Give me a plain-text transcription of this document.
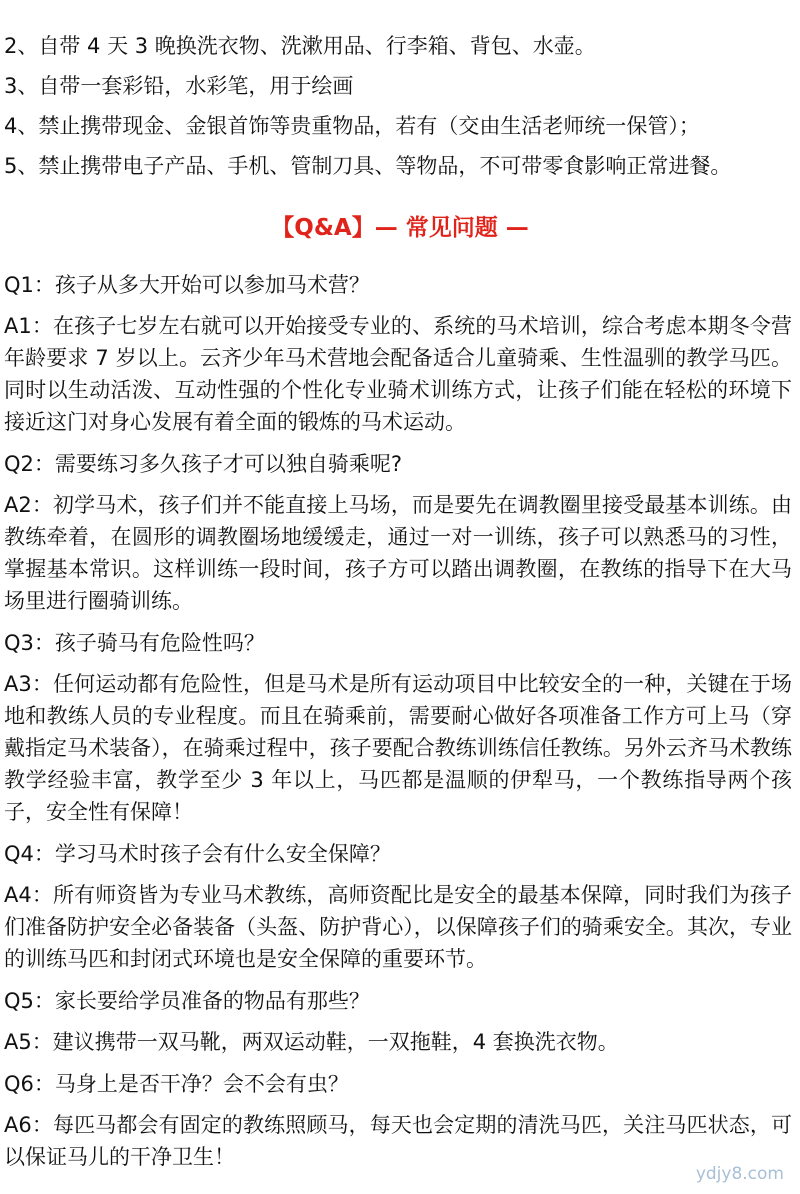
2、自带 4 天 3 晚换洗衣物、洗漱用品、行李箱、背包、水壶。

3、自带一套彩铅，水彩笔，用于绘画

4、禁止携带现金、金银首饰等贵重物品，若有（交由生活老师统一保管）；

5、禁止携带电子产品、手机、管制刀具、等物品，不可带零食影响正常进餐。

【Q&A】— 常见问题 —

Q1：孩子从多大开始可以参加马术营？

A1：在孩子七岁左右就可以开始接受专业的、系统的马术培训，综合考虑本期冬令营年龄要求 7 岁以上。云齐少年马术营地会配备适合儿童骑乘、生性温驯的教学马匹。同时以生动活泼、互动性强的个性化专业骑术训练方式，让孩子们能在轻松的环境下接近这门对身心发展有着全面的锻炼的马术运动。

Q2：需要练习多久孩子才可以独自骑乘呢?

A2：初学马术，孩子们并不能直接上马场，而是要先在调教圈里接受最基本训练。由教练牵着，在圆形的调教圈场地缓缓走，通过一对一训练，孩子可以熟悉马的习性，掌握基本常识。这样训练一段时间，孩子方可以踏出调教圈，在教练的指导下在大马场里进行圈骑训练。

Q3：孩子骑马有危险性吗？

A3：任何运动都有危险性，但是马术是所有运动项目中比较安全的一种，关键在于场地和教练人员的专业程度。而且在骑乘前，需要耐心做好各项准备工作方可上马（穿戴指定马术装备），在骑乘过程中，孩子要配合教练训练信任教练。另外云齐马术教练教学经验丰富，教学至少 3 年以上，马匹都是温顺的伊犁马，一个教练指导两个孩子，安全性有保障！

Q4：学习马术时孩子会有什么安全保障？

A4：所有师资皆为专业马术教练，高师资配比是安全的最基本保障，同时我们为孩子们准备防护安全必备装备（头盔、防护背心），以保障孩子们的骑乘安全。其次，专业的训练马匹和封闭式环境也是安全保障的重要环节。

Q5：家长要给学员准备的物品有那些？

A5：建议携带一双马靴，两双运动鞋，一双拖鞋，4 套换洗衣物。

Q6：马身上是否干净？会不会有虫？

A6：每匹马都会有固定的教练照顾马，每天也会定期的清洗马匹，关注马匹状态，可以保证马儿的干净卫生！

ydjy8.com
